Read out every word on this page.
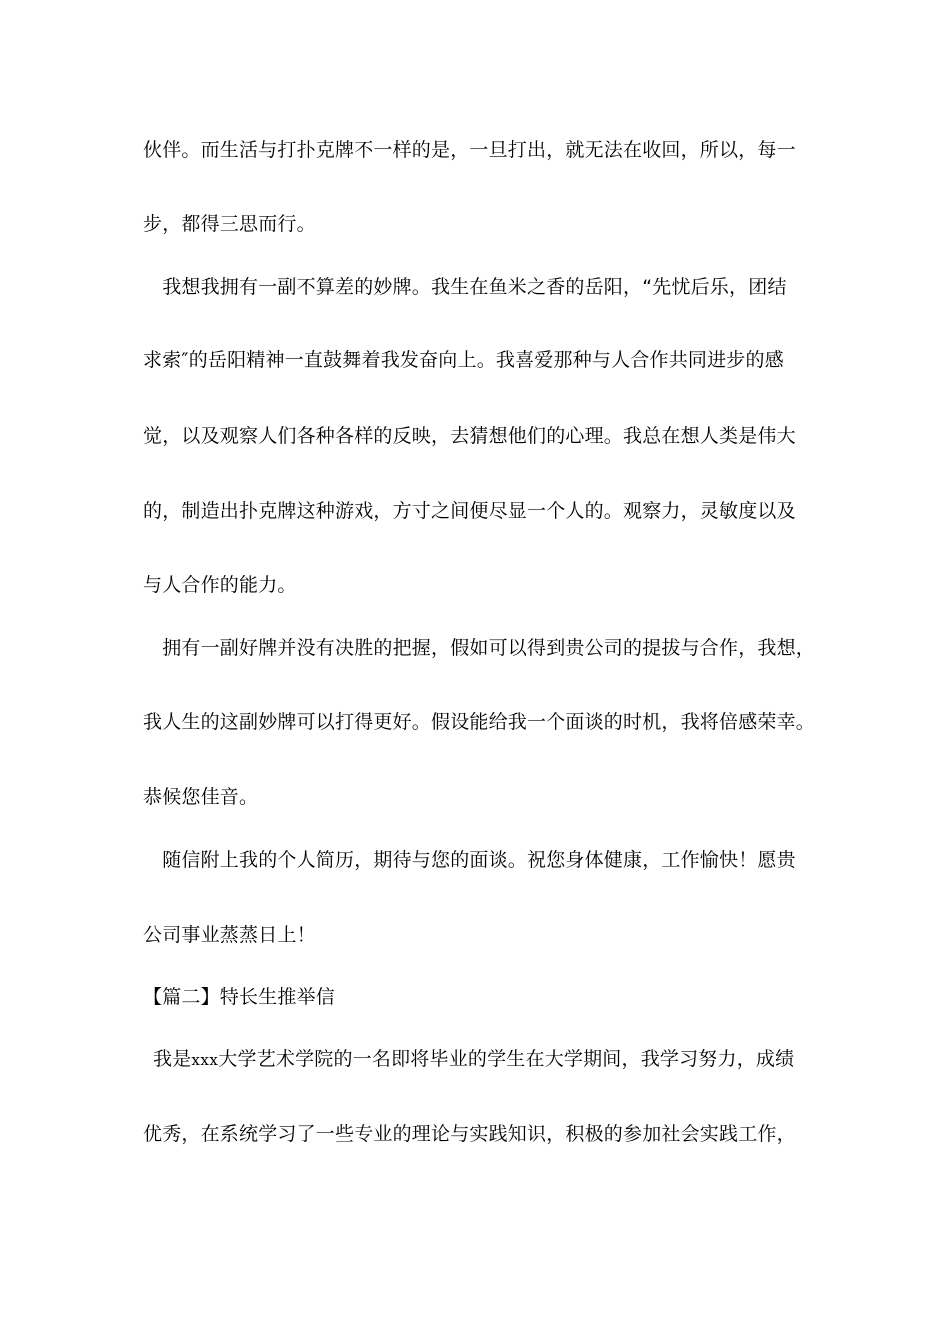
伙伴。而生活与打扑克牌不一样的是，一旦打出，就无法在收回，所以，每一
步，都得三思而行。
　我想我拥有一副不算差的妙牌。我生在鱼米之香的岳阳，“先忧后乐，团结
求索″的岳阳精神一直鼓舞着我发奋向上。我喜爱那种与人合作共同进步的感
觉，以及观察人们各种各样的反映，去猜想他们的心理。我总在想人类是伟大
的，制造出扑克牌这种游戏，方寸之间便尽显一个人的。观察力，灵敏度以及
与人合作的能力。
　拥有一副好牌并没有决胜的把握，假如可以得到贵公司的提拔与合作，我想，
我人生的这副妙牌可以打得更好。假设能给我一个面谈的时机，我将倍感荣幸。
恭候您佳音。
　随信附上我的个人简历，期待与您的面谈。祝您身体健康，工作愉快！愿贵
公司事业蒸蒸日上！
【篇二】特长生推举信
我是xxx大学艺术学院的一名即将毕业的学生在大学期间，我学习努力，成绩
优秀，在系统学习了一些专业的理论与实践知识，积极的参加社会实践工作，
